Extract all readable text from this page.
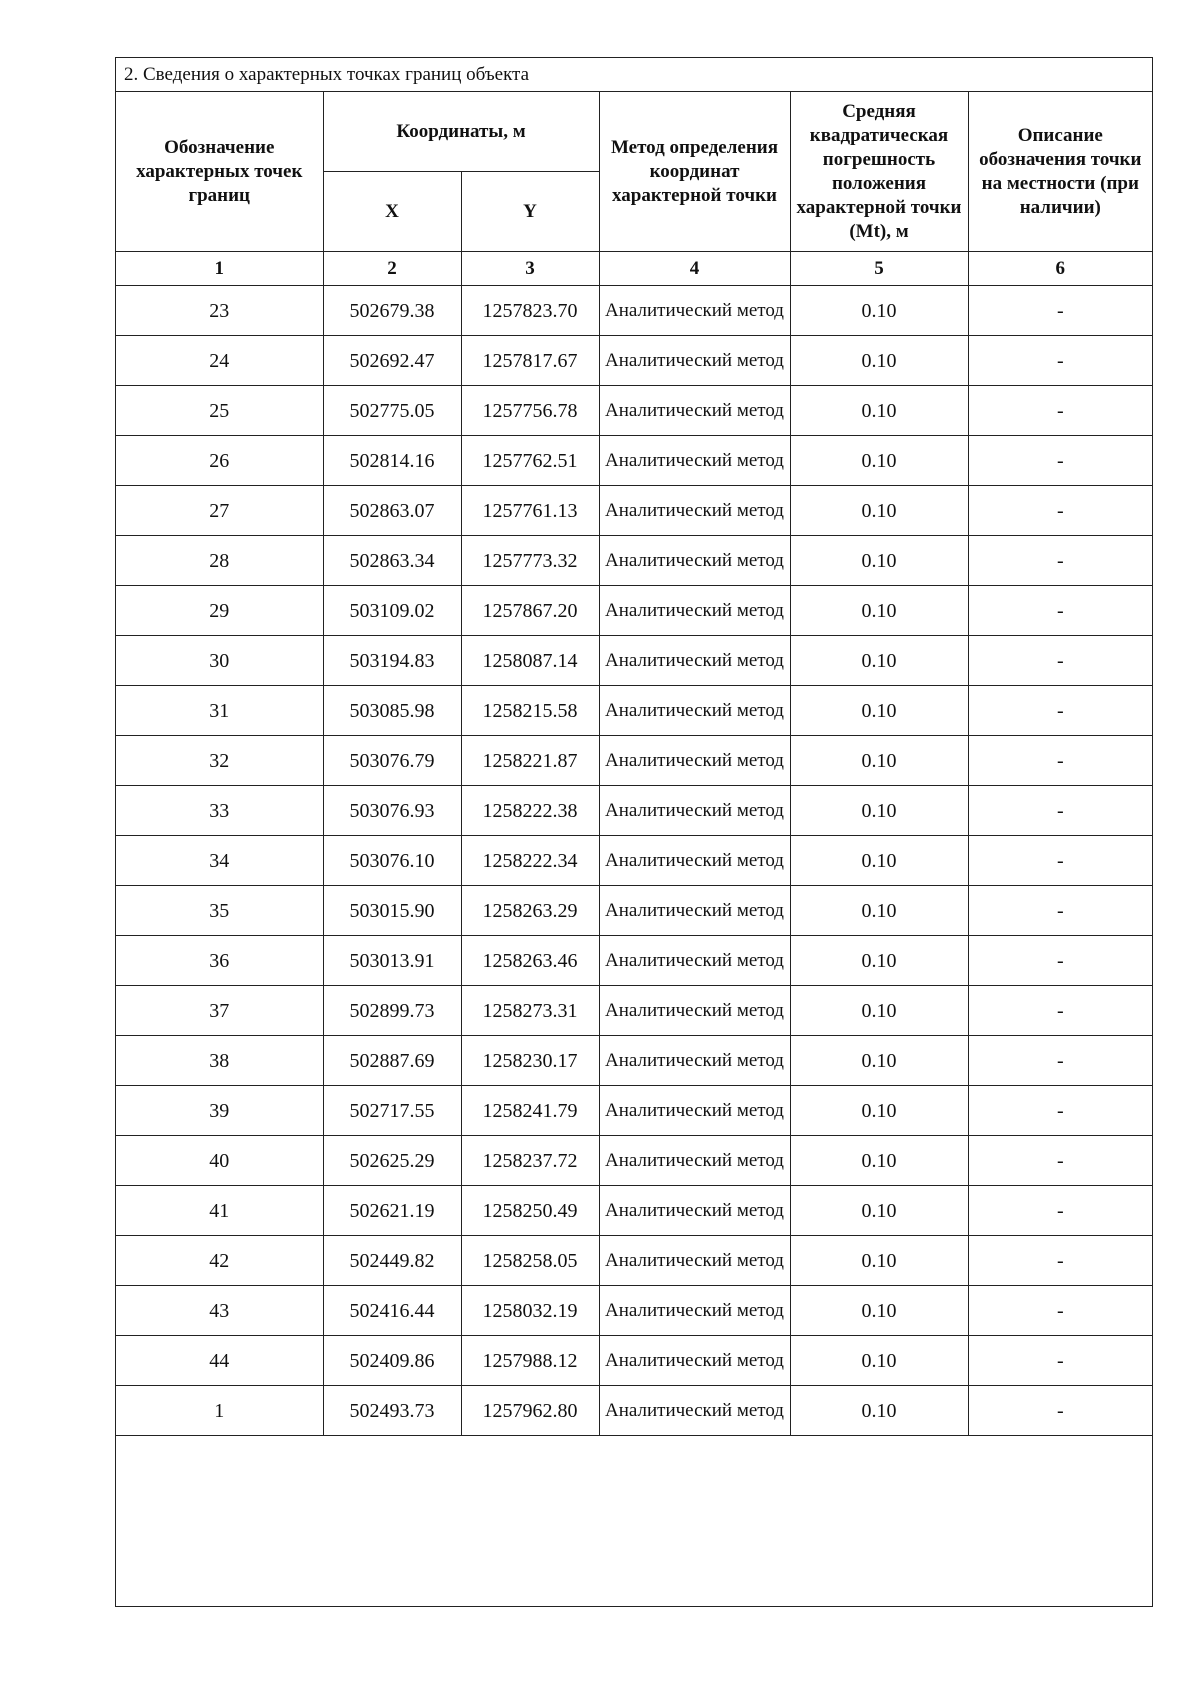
2. Сведения о характерных точках границ объекта					
Обозначение характерных точек границ	Координаты, м		Метод определения координат характерной точки	Средняя квадратическая погрешность положения характерной точки (Mt), м	Описание обозначения точки на местности (при наличии)
	X	Y			
1	2	3	4	5	6
23	502679.38	1257823.70	Аналитический метод	0.10	-
24	502692.47	1257817.67	Аналитический метод	0.10	-
25	502775.05	1257756.78	Аналитический метод	0.10	-
26	502814.16	1257762.51	Аналитический метод	0.10	-
27	502863.07	1257761.13	Аналитический метод	0.10	-
28	502863.34	1257773.32	Аналитический метод	0.10	-
29	503109.02	1257867.20	Аналитический метод	0.10	-
30	503194.83	1258087.14	Аналитический метод	0.10	-
31	503085.98	1258215.58	Аналитический метод	0.10	-
32	503076.79	1258221.87	Аналитический метод	0.10	-
33	503076.93	1258222.38	Аналитический метод	0.10	-
34	503076.10	1258222.34	Аналитический метод	0.10	-
35	503015.90	1258263.29	Аналитический метод	0.10	-
36	503013.91	1258263.46	Аналитический метод	0.10	-
37	502899.73	1258273.31	Аналитический метод	0.10	-
38	502887.69	1258230.17	Аналитический метод	0.10	-
39	502717.55	1258241.79	Аналитический метод	0.10	-
40	502625.29	1258237.72	Аналитический метод	0.10	-
41	502621.19	1258250.49	Аналитический метод	0.10	-
42	502449.82	1258258.05	Аналитический метод	0.10	-
43	502416.44	1258032.19	Аналитический метод	0.10	-
44	502409.86	1257988.12	Аналитический метод	0.10	-
1	502493.73	1257962.80	Аналитический метод	0.10	-
